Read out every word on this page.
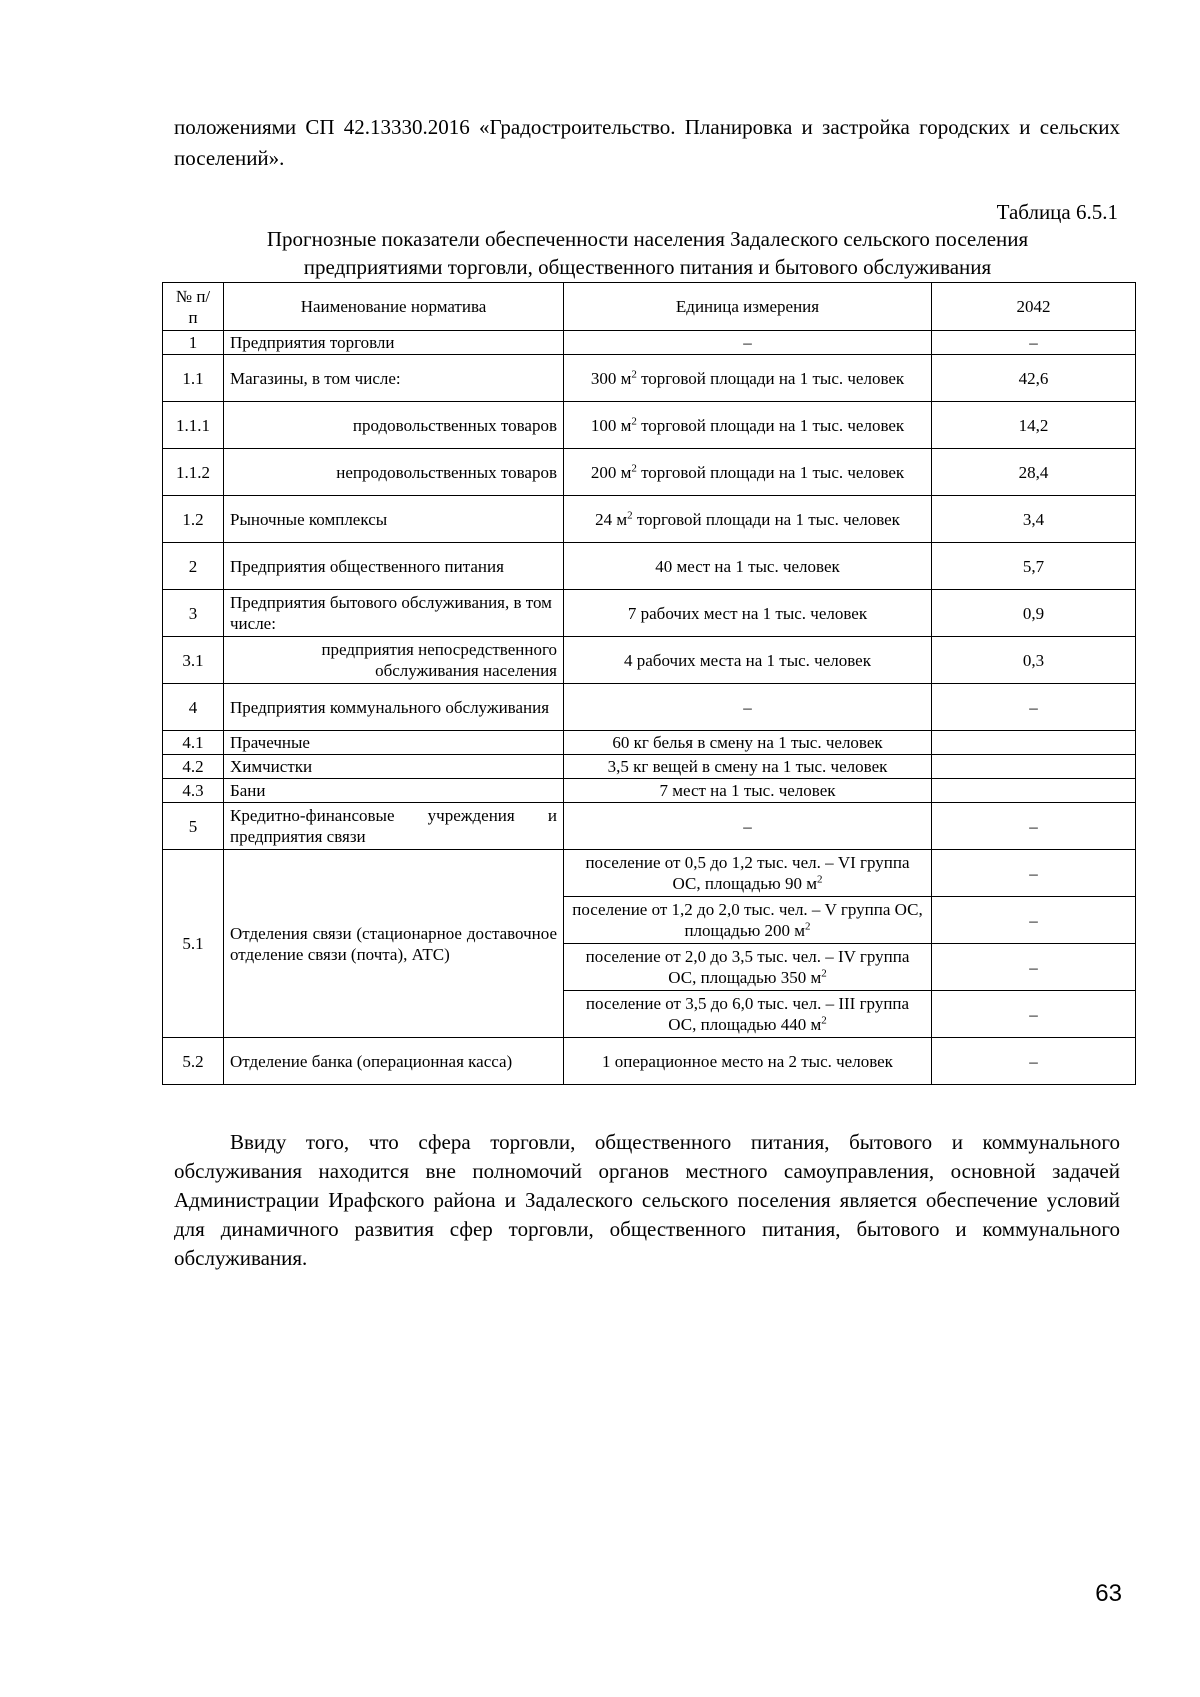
положениями СП 42.13330.2016 «Градостроительство. Планировка и застройка городских и сельских поселений».

Таблица 6.5.1

Прогнозные показатели обеспеченности населения Задалеского сельского поселения
предприятиями торговли, общественного питания и бытового обслуживания

№ п/п	Наименование норматива	Единица измерения	2042
1	Предприятия торговли	–	–
1.1	Магазины, в том числе:	300 $м^2$ торговой площади на 1 тыс. человек	42,6
1.1.1	продовольственных товаров	100 $м^2$ торговой площади на 1 тыс. человек	14,2
1.1.2	непродовольственных товаров	200 $м^2$ торговой площади на 1 тыс. человек	28,4
1.2	Рыночные комплексы	24 $м^2$ торговой площади на 1 тыс. человек	3,4
2	Предприятия общественного питания	40 мест на 1 тыс. человек	5,7
3	Предприятия бытового обслуживания, в том числе:	7 рабочих мест на 1 тыс. человек	0,9
3.1	предприятия непосредственного обслуживания населения	4 рабочих места на 1 тыс. человек	0,3
4	Предприятия коммунального обслуживания	–	–
4.1	Прачечные	60 кг белья в смену на 1 тыс. человек	
4.2	Химчистки	3,5 кг вещей в смену на 1 тыс. человек	
4.3	Бани	7 мест на 1 тыс. человек	
5	Кредитно-финансовые учреждения и предприятия связи	–	–
5.1	Отделения связи (стационарное доставочное отделение связи (почта), АТС)	поселение от 0,5 до 1,2 тыс. чел. – VI группа ОС, площадью 90 $м^2$	–
		поселение от 1,2 до 2,0 тыс. чел. – V группа ОС, площадью 200 $м^2$	–
		поселение от 2,0 до 3,5 тыс. чел. – IV группа ОС, площадью 350 $м^2$	–
		поселение от 3,5 до 6,0 тыс. чел. – III группа ОС, площадью 440 $м^2$	–
5.2	Отделение банка (операционная касса)	1 операционное место на 2 тыс. человек	–

Ввиду того, что сфера торговли, общественного питания, бытового и коммунального обслуживания находится вне полномочий органов местного самоуправления, основной задачей Администрации Ирафского района и Задалеского сельского поселения является обеспечение условий для динамичного развития сфер торговли, общественного питания, бытового и коммунального обслуживания.

63
